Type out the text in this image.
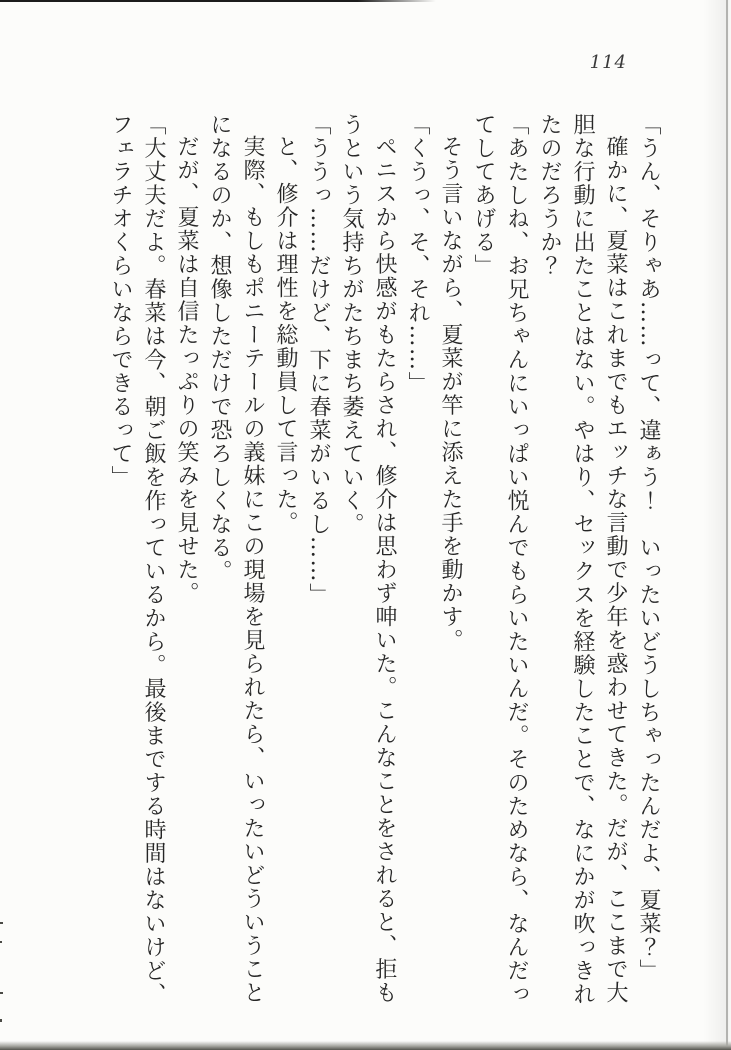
114

「うん、そりゃあ……って、違ぁう！　いったいどうしちゃったんだよ、夏菜？」

確かに、夏菜はこれまでもエッチな言動で少年を惑わせてきた。だが、ここまで大

胆な行動に出たことはない。やはり、セックスを経験したことで、なにかが吹っきれ

たのだろうか？

「あたしね、お兄ちゃんにいっぱい悦んでもらいたいんだ。そのためなら、なんだっ

てしてあげる」

そう言いながら、夏菜が竿に添えた手を動かす。

「くうっ、そ、それ……」

ペニスから快感がもたらされ、修介は思わず呻いた。こんなことをされると、拒も

うという気持ちがたちまち萎えていく。

「ううっ……だけど、下に春菜がいるし……」

と、修介は理性を総動員して言った。

実際、もしもポニーテールの義妹にこの現場を見られたら、いったいどういうこと

になるのか、想像しただけで恐ろしくなる。

だが、夏菜は自信たっぷりの笑みを見せた。

「大丈夫だよ。春菜は今、朝ご飯を作っているから。最後までする時間はないけど、

フェラチオくらいならできるって」
